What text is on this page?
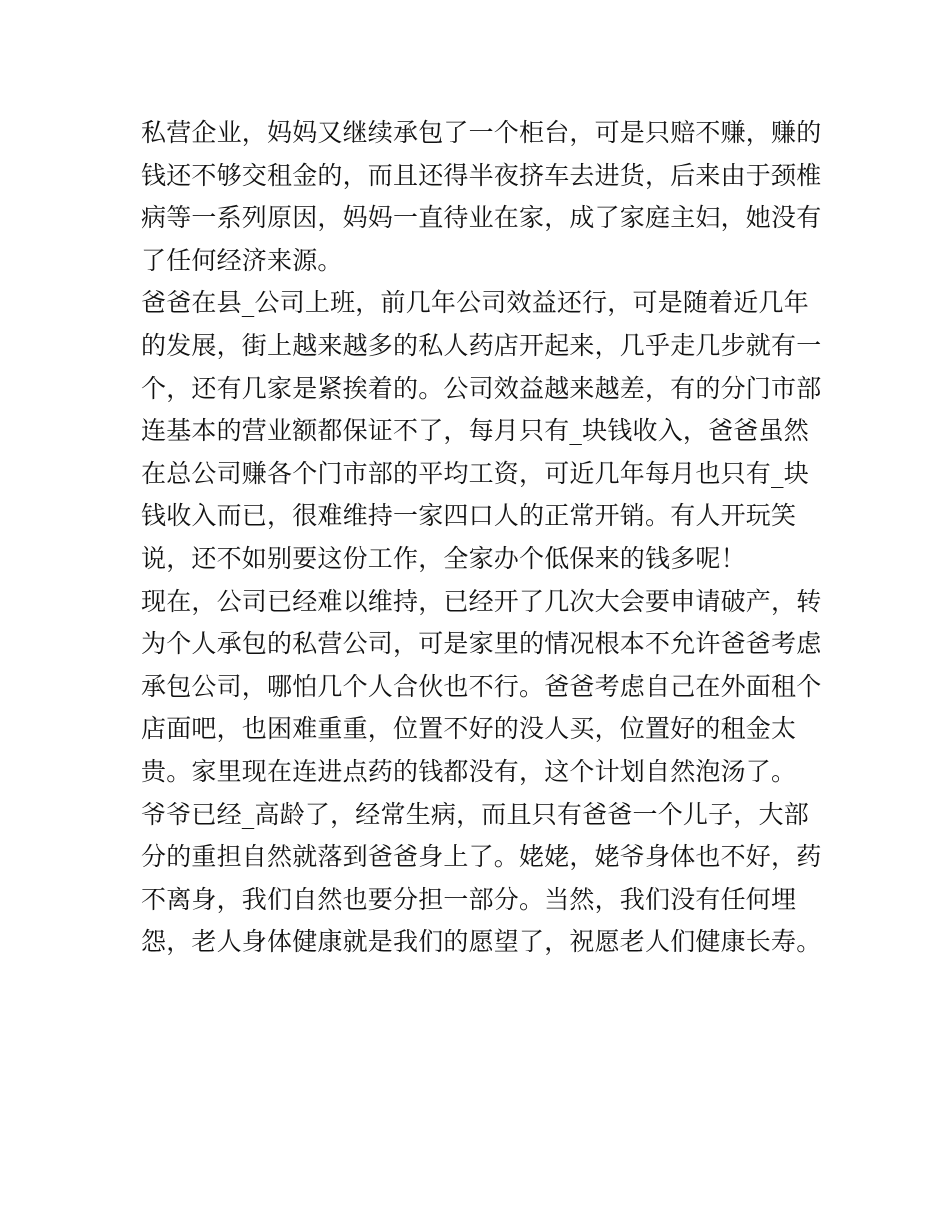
私营企业，妈妈又继续承包了一个柜台，可是只赔不赚，赚的
钱还不够交租金的，而且还得半夜挤车去进货，后来由于颈椎
病等一系列原因，妈妈一直待业在家，成了家庭主妇，她没有
了任何经济来源。
爸爸在县_公司上班，前几年公司效益还行，可是随着近几年
的发展，街上越来越多的私人药店开起来，几乎走几步就有一
个，还有几家是紧挨着的。公司效益越来越差，有的分门市部
连基本的营业额都保证不了，每月只有_块钱收入，爸爸虽然
在总公司赚各个门市部的平均工资，可近几年每月也只有_块
钱收入而已，很难维持一家四口人的正常开销。有人开玩笑
说，还不如别要这份工作，全家办个低保来的钱多呢！
现在，公司已经难以维持，已经开了几次大会要申请破产，转
为个人承包的私营公司，可是家里的情况根本不允许爸爸考虑
承包公司，哪怕几个人合伙也不行。爸爸考虑自己在外面租个
店面吧，也困难重重，位置不好的没人买，位置好的租金太
贵。家里现在连进点药的钱都没有，这个计划自然泡汤了。
爷爷已经_高龄了，经常生病，而且只有爸爸一个儿子，大部
分的重担自然就落到爸爸身上了。姥姥，姥爷身体也不好，药
不离身，我们自然也要分担一部分。当然，我们没有任何埋
怨，老人身体健康就是我们的愿望了，祝愿老人们健康长寿。
